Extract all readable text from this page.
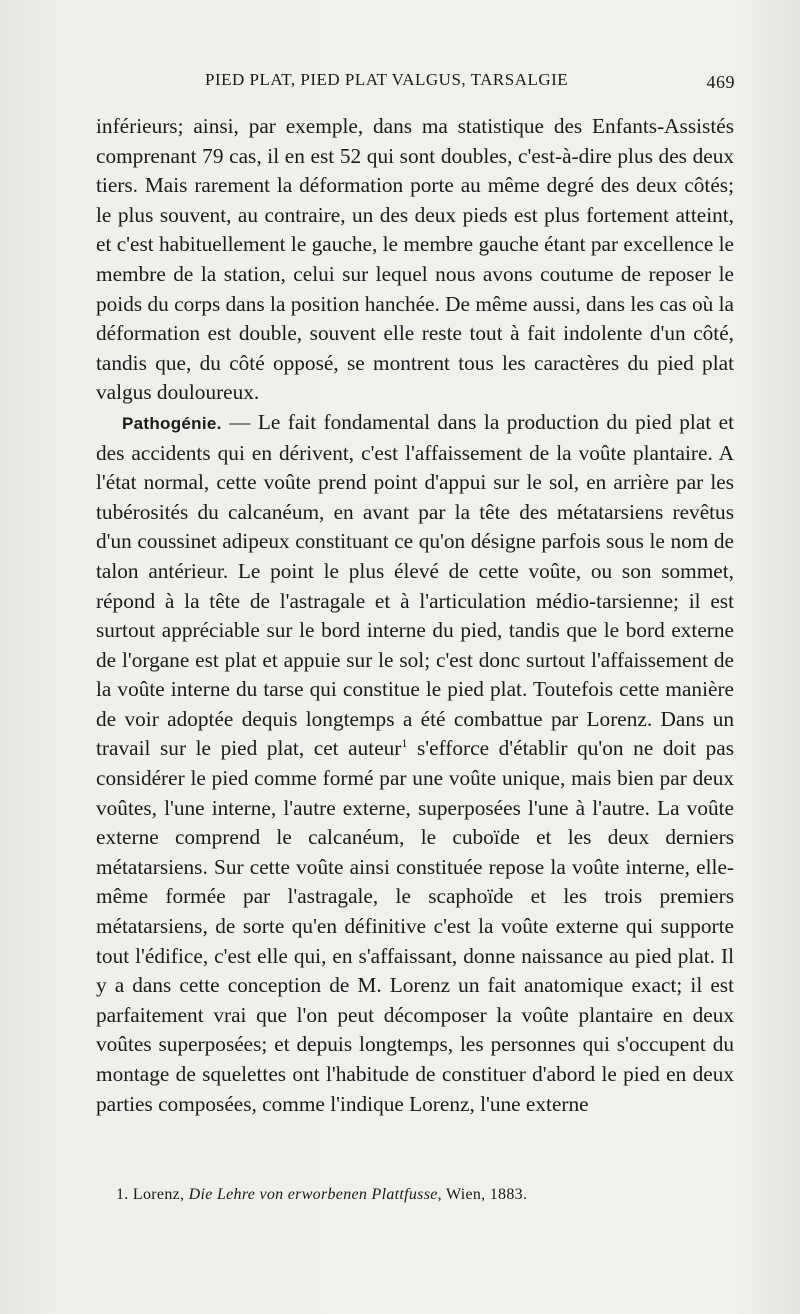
PIED PLAT, PIED PLAT VALGUS, TARSALGIE	469

inférieurs; ainsi, par exemple, dans ma statistique des Enfants-Assistés comprenant 79 cas, il en est 52 qui sont doubles, c'est-à-dire plus des deux tiers. Mais rarement la déformation porte au même degré des deux côtés; le plus souvent, au contraire, un des deux pieds est plus fortement atteint, et c'est habituellement le gauche, le membre gauche étant par excellence le membre de la station, celui sur lequel nous avons coutume de reposer le poids du corps dans la position hanchée. De même aussi, dans les cas où la déformation est double, souvent elle reste tout à fait indolente d'un côté, tandis que, du côté opposé, se montrent tous les caractères du pied plat valgus douloureux.

Pathogénie. — Le fait fondamental dans la production du pied plat et des accidents qui en dérivent, c'est l'affaissement de la voûte plantaire. A l'état normal, cette voûte prend point d'appui sur le sol, en arrière par les tubérosités du calcanéum, en avant par la tête des métatarsiens revêtus d'un coussinet adipeux constituant ce qu'on désigne parfois sous le nom de talon antérieur. Le point le plus élevé de cette voûte, ou son sommet, répond à la tête de l'astragale et à l'articulation médio-tarsienne; il est surtout appréciable sur le bord interne du pied, tandis que le bord externe de l'organe est plat et appuie sur le sol; c'est donc surtout l'affaissement de la voûte interne du tarse qui constitue le pied plat. Toutefois cette manière de voir adoptée dequis longtemps a été combattue par Lorenz. Dans un travail sur le pied plat, cet auteur$^1$ s'efforce d'établir qu'on ne doit pas considérer le pied comme formé par une voûte unique, mais bien par deux voûtes, l'une interne, l'autre externe, superposées l'une à l'autre. La voûte externe comprend le calcanéum, le cuboïde et les deux derniers métatarsiens. Sur cette voûte ainsi constituée repose la voûte interne, elle-même formée par l'astragale, le scaphoïde et les trois premiers métatarsiens, de sorte qu'en définitive c'est la voûte externe qui supporte tout l'édifice, c'est elle qui, en s'affaissant, donne naissance au pied plat. Il y a dans cette conception de M. Lorenz un fait anatomique exact; il est parfaitement vrai que l'on peut décomposer la voûte plantaire en deux voûtes superposées; et depuis longtemps, les personnes qui s'occupent du montage de squelettes ont l'habitude de constituer d'abord le pied en deux parties composées, comme l'indique Lorenz, l'une externe

1. Lorenz, Die Lehre von erworbenen Plattfusse, Wien, 1883.
